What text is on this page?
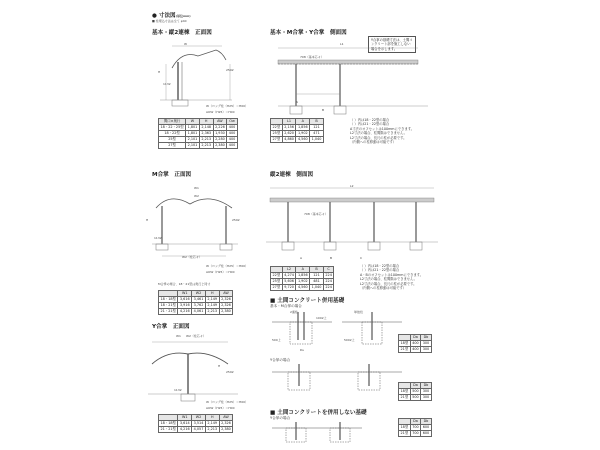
● 寸法図(単位mm)
■ 柱埋込寸法は全て φ40
基本・縦2連棟　正面図
W
H	2592
1132
W（ロング柱（H25）＝H00）
AOW（H25）＝H00
間口×奥行	W	H	AW	Ow
18・22・25型	1,801	2,148	2,226	400
18・22型	1,801	2,363	1,930	400
25型	2,101	2,213	2,280	400
27型	2,101	2,213	2,380	400
基本・M合掌・Y合掌　側面図
Y合掌の基礎寸法は、土間コ
ンクリート部を施工しない
場合を示します。
L1
708（基本芯々）
A
B
	L1	A	B
22型	2,156	1,856	121
25型	2,620	1,902	471
27型	4,860	4,560	1,040
（ ）内は18・22型の場合
（ ）内は21・22型の場合
A寸法のオフセットは100mmにできます。
L2寸法の場合、柱間隔はできません。
L2寸法の場合、長尺の柱が必要です。
（内側への柱移動は可能です）
M合掌　正面図
W1
W2
H	2592
1132
W2（柱芯々）
W（ロング柱（H25）＝H00）
AOW（H25）＝H00
M合掌の場合、18・21型は奥行と同寸
	W1	W2	H	AW
18・18型	3,616	3,461	2,149	2,326
18・21型	3,916	3,762	2,149	2,326
21・21型	4,216	4,061	2,213	2,380
縦2連棟　側面図
L2
708（基本芯々）
A	B	C
	L2	A	B	C
22型	4,274	1,856	121	224
25型	5,606	1,902	481	224
27型	9,720	4,560	1,040	224
（ ）内は18・22型の場合
（ ）内は21・22型の場合
A・Bのオフセットは100mmにできます。
L2寸法の場合、柱間隔はできません。
L2寸法の場合、長尺の柱が必要です。
（内側への柱移動は可能です）
Y合掌　正面図
W1 W2（柱芯々）
H
2592
1132
W（ロング柱（H25）＝H00）
AOW（H25）＝H00
	W1	W2	H	AW
18・18型	3,614	3,514	2,149	2,326
21・21型	4,216	4,057	2,213	2,380
■ 土間コンクリート併用基礎
基本・M合掌の場合
2連柱	単独柱
1002上
500上	5002上
Ds
	Da	Db
18型	400	300
21型	400	300
Y合掌の場合
	Da	Db
18型	500	300
21型	500	300
■ 土間コンクリートを併用しない基礎
Y合掌の場合
	Da	Db
18型	700	600
21型	700	600
